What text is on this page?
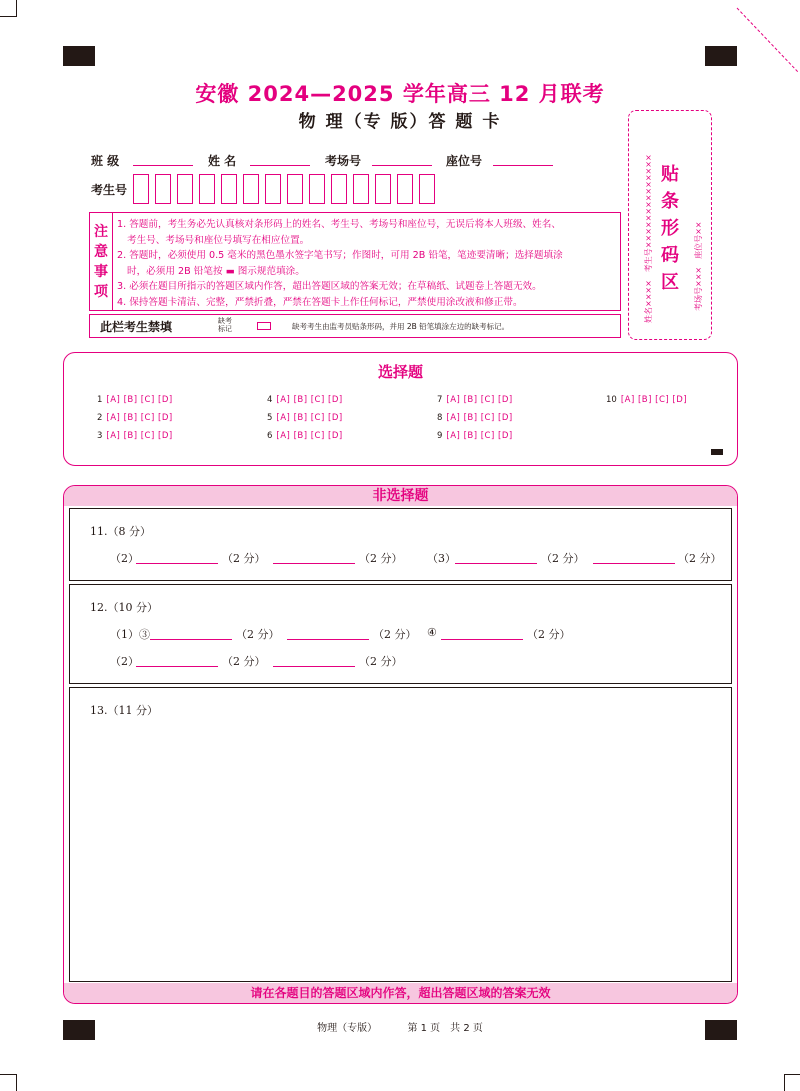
安徽 2024—2025 学年高三 12 月联考
物 理（专 版）答 题 卡
班 级	姓 名	考场号	座位号
考生号
注
意
事
项
1. 答题前，考生务必先认真核对条形码上的姓名、考生号、考场号和座位号，无误后将本人班级、姓名、
考生号、考场号和座位号填写在相应位置。
2. 答题时，必须使用 0.5 毫米的黑色墨水签字笔书写；作图时，可用 2B 铅笔，笔迹要清晰；选择题填涂
时，必须用 2B 铅笔按 ▬ 图示规范填涂。
3. 必须在题目所指示的答题区域内作答，超出答题区域的答案无效；在草稿纸、试题卷上答题无效。
4. 保持答题卡清洁、完整，严禁折叠，严禁在答题卡上作任何标记，严禁使用涂改液和修正带。
此栏考生禁填	缺考标记	缺考考生由监考员贴条形码，并用 2B 铅笔填涂左边的缺考标记。
贴条形码区
姓名××××　考生号××××××××××××××	考场号×××　座位号××
选择题
1 [A] [B] [C] [D]
2 [A] [B] [C] [D]
3 [A] [B] [C] [D]
4 [A] [B] [C] [D]
5 [A] [B] [C] [D]
6 [A] [B] [C] [D]
7 [A] [B] [C] [D]
8 [A] [B] [C] [D]
9 [A] [B] [C] [D]
10 [A] [B] [C] [D]
非选择题
11.（8 分）
（2）	（2 分）	（2 分） （3）	（2 分）	（2 分）
12.（10 分）
（1）③	（2 分）	（2 分） ④	（2 分）
（2）	（2 分）	（2 分）
13.（11 分）
请在各题目的答题区域内作答，超出答题区域的答案无效
物理（专版）	第 1 页　共 2 页
